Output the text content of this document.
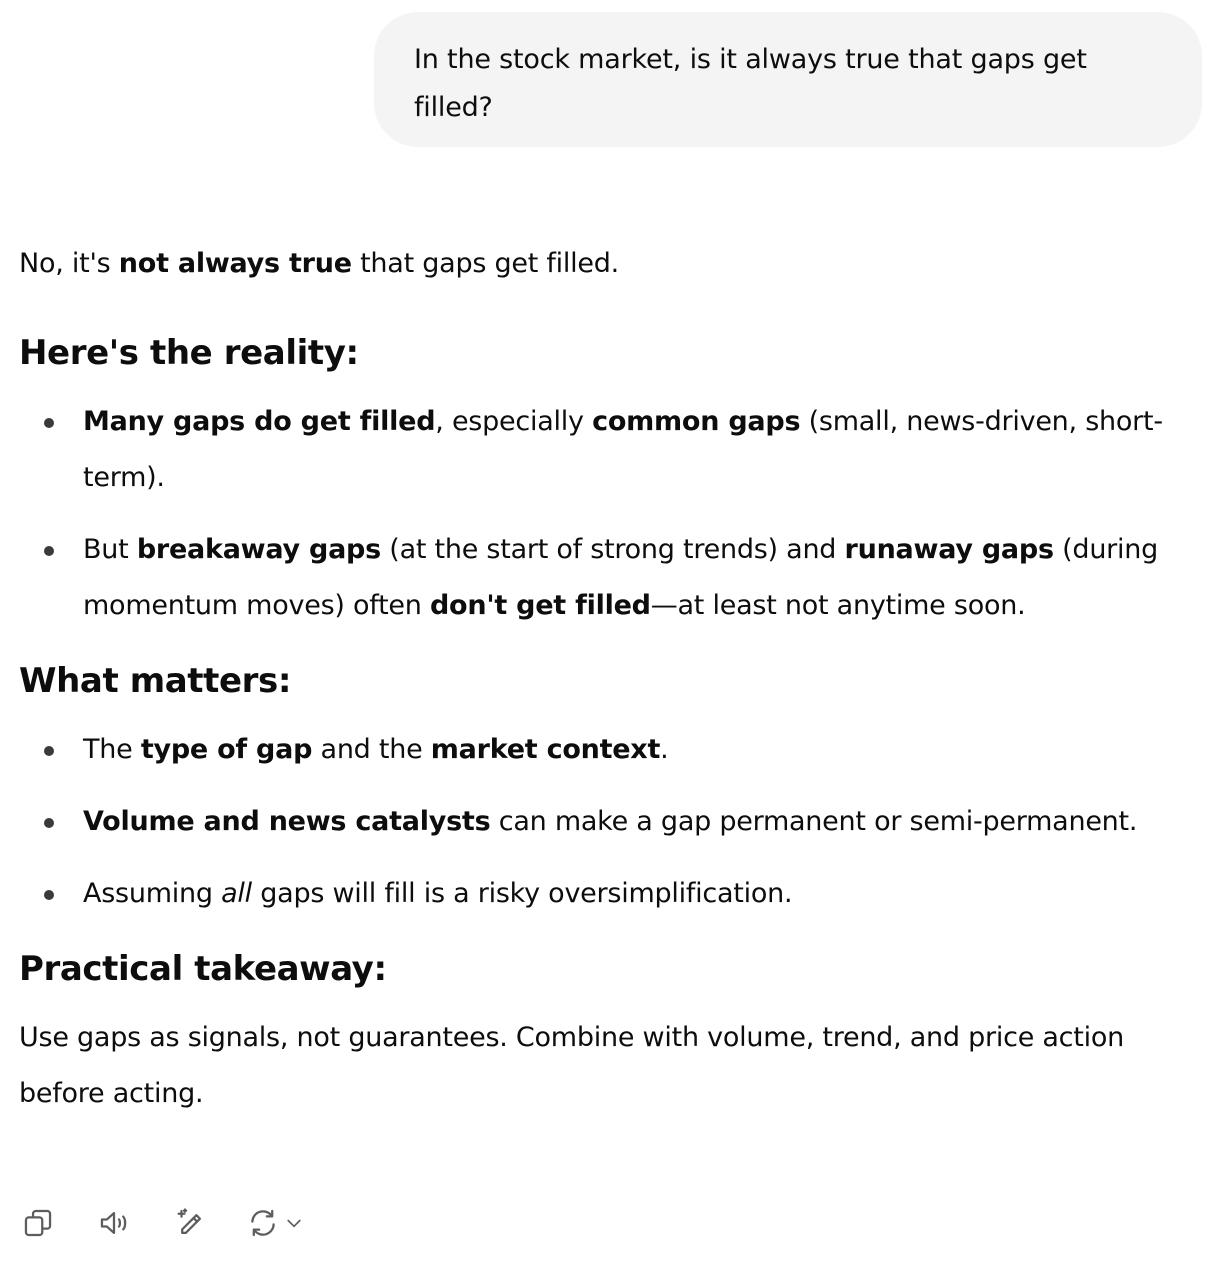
In the stock market, is it always true that gaps get filled?

No, it's not always true that gaps get filled.

Here's the reality:
Many gaps do get filled, especially common gaps (small, news-driven, short-term).
But breakaway gaps (at the start of strong trends) and runaway gaps (during momentum moves) often don't get filled—at least not anytime soon.
What matters:
The type of gap and the market context.
Volume and news catalysts can make a gap permanent or semi-permanent.
Assuming all gaps will fill is a risky oversimplification.
Practical takeaway:

Use gaps as signals, not guarantees. Combine with volume, trend, and price action before acting.
